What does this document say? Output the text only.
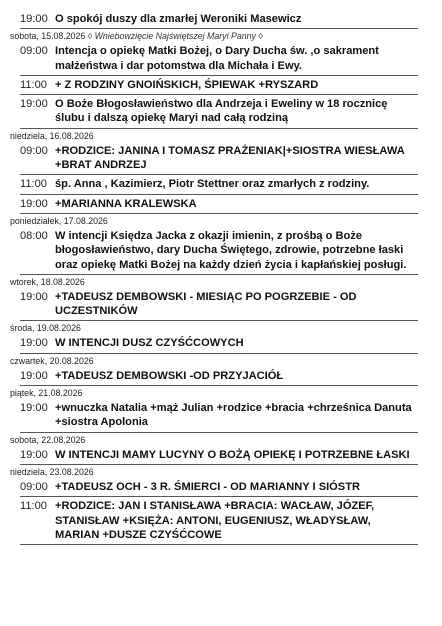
19:00 O spokój duszy dla zmarłej Weroniki Masewicz
sobota, 15.08.2026 ◊ Wniebowzięcie Najświętszej Maryi Panny ◊
09:00 Intencja o opiekę Matki Bożej, o Dary Ducha św. ,o sakrament małżeństwa i dar potomstwa dla Michała i Ewy.
11:00 + Z RODZINY GNOIŃSKICH, ŚPIEWAK +RYSZARD
19:00 O Boże Błogosławieństwo dla Andrzeja i Eweliny w 18 rocznicę ślubu i dalszą opiekę Maryi nad całą rodziną
niedziela, 16.08.2026
09:00 +RODZICE: JANINA I TOMASZ PRAŻENIAK|+SIOSTRA WIESŁAWA +BRAT ANDRZEJ
11:00 śp. Anna , Kazimierz, Piotr Stettner oraz zmarłych z rodziny.
19:00 +MARIANNA KRALEWSKA
poniedziałek, 17.08.2026
08:00 W intencji Księdza Jacka z okazji imienin, z prośbą o Boże błogosławieństwo, dary Ducha Świętego, zdrowie, potrzebne łaski oraz opiekę Matki Bożej na każdy dzień życia i kapłańskiej posługi.
wtorek, 18.08.2026
19:00 +TADEUSZ DEMBOWSKI - MIESIĄC PO POGRZEBIE - OD UCZESTNIKÓW
środa, 19.08.2026
19:00 W INTENCJI DUSZ CZYŚĆCOWYCH
czwartek, 20.08.2026
19:00 +TADEUSZ DEMBOWSKI -OD PRZYJACIÓŁ
piątek, 21.08.2026
19:00 +wnuczka Natalia +mąż Julian +rodzice +bracia +chrześnica Danuta +siostra Apolonia
sobota, 22.08.2026
19:00 W INTENCJI MAMY LUCYNY O BOŻĄ OPIEKĘ I POTRZEBNE ŁASKI
niedziela, 23.08.2026
09:00 +TADEUSZ OCH - 3 R. ŚMIERCI - OD MARIANNY I SIÓSTR
11:00 +RODZICE: JAN I STANISŁAWA +BRACIA: WACŁAW, JÓZEF, STANISŁAW +KSIĘŻA: ANTONI, EUGENIUSZ, WŁADYSŁAW, MARIAN +DUSZE CZYŚĆCOWE
